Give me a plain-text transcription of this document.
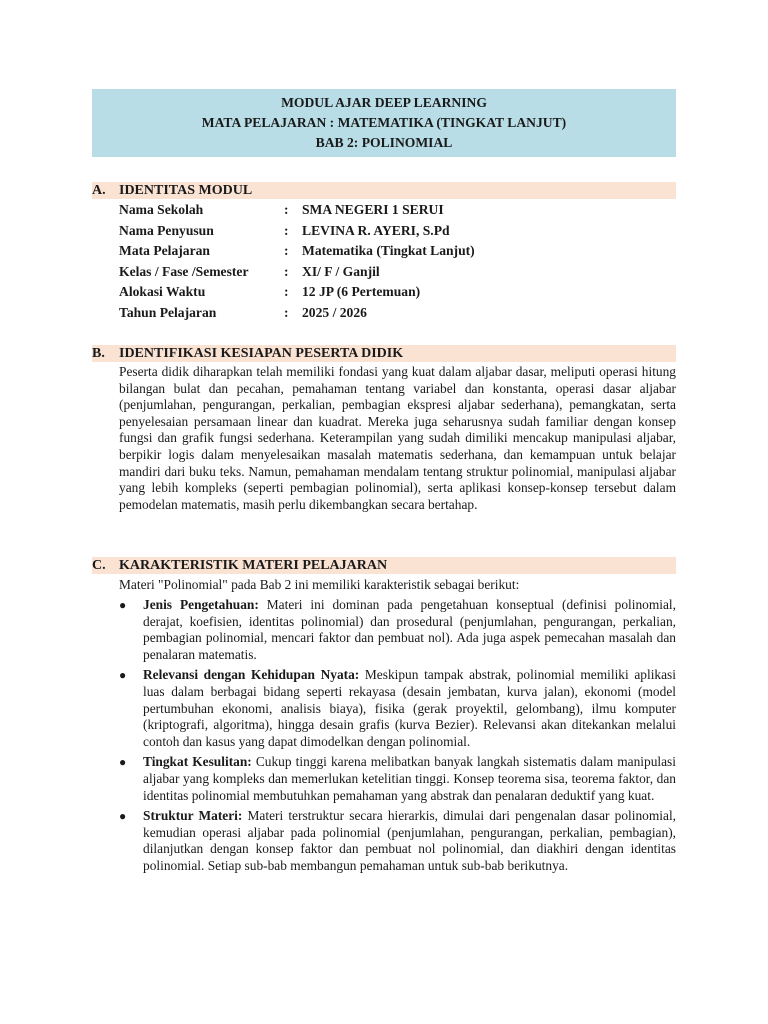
MODUL AJAR DEEP LEARNING
MATA PELAJARAN : MATEMATIKA (TINGKAT LANJUT)
BAB 2: POLINOMIAL
A. IDENTITAS MODUL
Nama Sekolah	: SMA NEGERI 1 SERUI
Nama Penyusun	: LEVINA R. AYERI, S.Pd
Mata Pelajaran	: Matematika (Tingkat Lanjut)
Kelas / Fase /Semester	: XI/ F / Ganjil
Alokasi Waktu	: 12 JP (6 Pertemuan)
Tahun Pelajaran	: 2025 / 2026
B. IDENTIFIKASI KESIAPAN PESERTA DIDIK
Peserta didik diharapkan telah memiliki fondasi yang kuat dalam aljabar dasar, meliputi operasi hitung bilangan bulat dan pecahan, pemahaman tentang variabel dan konstanta, operasi dasar aljabar (penjumlahan, pengurangan, perkalian, pembagian ekspresi aljabar sederhana), pemangkatan, serta penyelesaian persamaan linear dan kuadrat. Mereka juga seharusnya sudah familiar dengan konsep fungsi dan grafik fungsi sederhana. Keterampilan yang sudah dimiliki mencakup manipulasi aljabar, berpikir logis dalam menyelesaikan masalah matematis sederhana, dan kemampuan untuk belajar mandiri dari buku teks. Namun, pemahaman mendalam tentang struktur polinomial, manipulasi aljabar yang lebih kompleks (seperti pembagian polinomial), serta aplikasi konsep-konsep tersebut dalam pemodelan matematis, masih perlu dikembangkan secara bertahap.
C. KARAKTERISTIK MATERI PELAJARAN
Materi "Polinomial" pada Bab 2 ini memiliki karakteristik sebagai berikut:
● Jenis Pengetahuan: Materi ini dominan pada pengetahuan konseptual (definisi polinomial, derajat, koefisien, identitas polinomial) dan prosedural (penjumlahan, pengurangan, perkalian, pembagian polinomial, mencari faktor dan pembuat nol). Ada juga aspek pemecahan masalah dan penalaran matematis.
● Relevansi dengan Kehidupan Nyata: Meskipun tampak abstrak, polinomial memiliki aplikasi luas dalam berbagai bidang seperti rekayasa (desain jembatan, kurva jalan), ekonomi (model pertumbuhan ekonomi, analisis biaya), fisika (gerak proyektil, gelombang), ilmu komputer (kriptografi, algoritma), hingga desain grafis (kurva Bezier). Relevansi akan ditekankan melalui contoh dan kasus yang dapat dimodelkan dengan polinomial.
● Tingkat Kesulitan: Cukup tinggi karena melibatkan banyak langkah sistematis dalam manipulasi aljabar yang kompleks dan memerlukan ketelitian tinggi. Konsep teorema sisa, teorema faktor, dan identitas polinomial membutuhkan pemahaman yang abstrak dan penalaran deduktif yang kuat.
● Struktur Materi: Materi terstruktur secara hierarkis, dimulai dari pengenalan dasar polinomial, kemudian operasi aljabar pada polinomial (penjumlahan, pengurangan, perkalian, pembagian), dilanjutkan dengan konsep faktor dan pembuat nol polinomial, dan diakhiri dengan identitas polinomial. Setiap sub-bab membangun pemahaman untuk sub-bab berikutnya.
